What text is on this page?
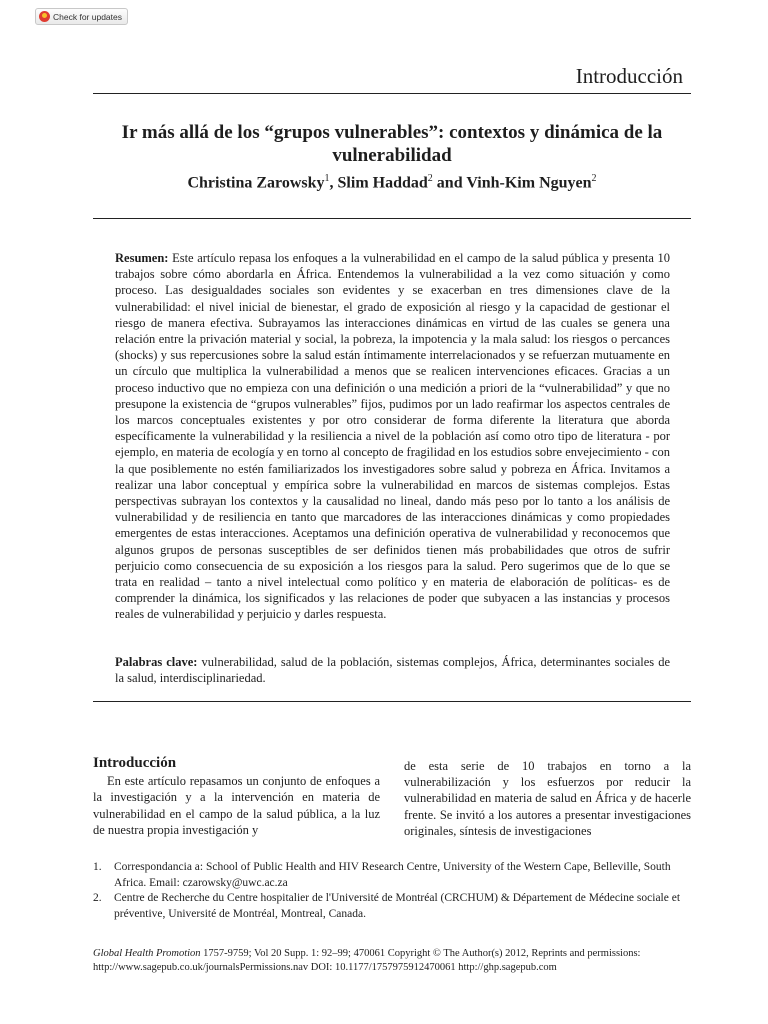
Check for updates
Introducción
Ir más allá de los “grupos vulnerables”: contextos y dinámica de la vulnerabilidad
Christina Zarowsky$^1$, Slim Haddad$^2$ and Vinh-Kim Nguyen$^2$

Resumen: Este artículo repasa los enfoques a la vulnerabilidad en el campo de la salud pública y presenta 10 trabajos sobre cómo abordarla en África. Entendemos la vulnerabilidad a la vez como situación y como proceso. Las desigualdades sociales son evidentes y se exacerban en tres dimensiones clave de la vulnerabilidad: el nivel inicial de bienestar, el grado de exposición al riesgo y la capacidad de gestionar el riesgo de manera efectiva. Subrayamos las interacciones dinámicas en virtud de las cuales se genera una relación entre la privación material y social, la pobreza, la impotencia y la mala salud: los riesgos o percances (shocks) y sus repercusiones sobre la salud están íntimamente interrelacionados y se refuerzan mutuamente en un círculo que multiplica la vulnerabilidad a menos que se realicen intervenciones eficaces. Gracias a un proceso inductivo que no empieza con una definición o una medición a priori de la “vulnerabilidad” y que no presupone la existencia de “grupos vulnerables” fijos, pudimos por un lado reafirmar los aspectos centrales de los marcos conceptuales existentes y por otro considerar de forma diferente la literatura que aborda específicamente la vulnerabilidad y la resiliencia a nivel de la población así como otro tipo de literatura - por ejemplo, en materia de ecología y en torno al concepto de fragilidad en los estudios sobre envejecimiento - con la que posiblemente no estén familiarizados los investigadores sobre salud y pobreza en África. Invitamos a realizar una labor conceptual y empírica sobre la vulnerabilidad en marcos de sistemas complejos. Estas perspectivas subrayan los contextos y la causalidad no lineal, dando más peso por lo tanto a los análisis de vulnerabilidad y de resiliencia en tanto que marcadores de las interacciones dinámicas y como propiedades emergentes de estas interacciones. Aceptamos una definición operativa de vulnerabilidad y reconocemos que algunos grupos de personas susceptibles de ser definidos tienen más probabilidades que otros de sufrir perjuicio como consecuencia de su exposición a los riesgos para la salud. Pero sugerimos que de lo que se trata en realidad – tanto a nivel intelectual como político y en materia de elaboración de políticas- es de comprender la dinámica, los significados y las relaciones de poder que subyacen a las instancias y procesos reales de vulnerabilidad y perjuicio y darles respuesta.

Palabras clave: vulnerabilidad, salud de la población, sistemas complejos, África, determinantes sociales de la salud, interdisciplinariedad.

Introducción

En este artículo repasamos un conjunto de enfoques a la investigación y a la intervención en materia de vulnerabilidad en el campo de la salud pública, a la luz de nuestra propia investigación y

de esta serie de 10 trabajos en torno a la vulnerabilización y los esfuerzos por reducir la vulnerabilidad en materia de salud en África y de hacerle frente. Se invitó a los autores a presentar investigaciones originales, síntesis de investigaciones

1.	Correspondancia a: School of Public Health and HIV Research Centre, University of the Western Cape, Belleville, South Africa. Email: czarowsky@uwc.ac.za
2.	Centre de Recherche du Centre hospitalier de l'Université de Montréal (CRCHUM) & Département de Médecine sociale et préventive, Université de Montréal, Montreal, Canada.
Global Health Promotion 1757-9759; Vol 20 Supp. 1: 92–99; 470061 Copyright © The Author(s) 2012, Reprints and permissions:
http://www.sagepub.co.uk/journalsPermissions.nav DOI: 10.1177/1757975912470061 http://ghp.sagepub.com
